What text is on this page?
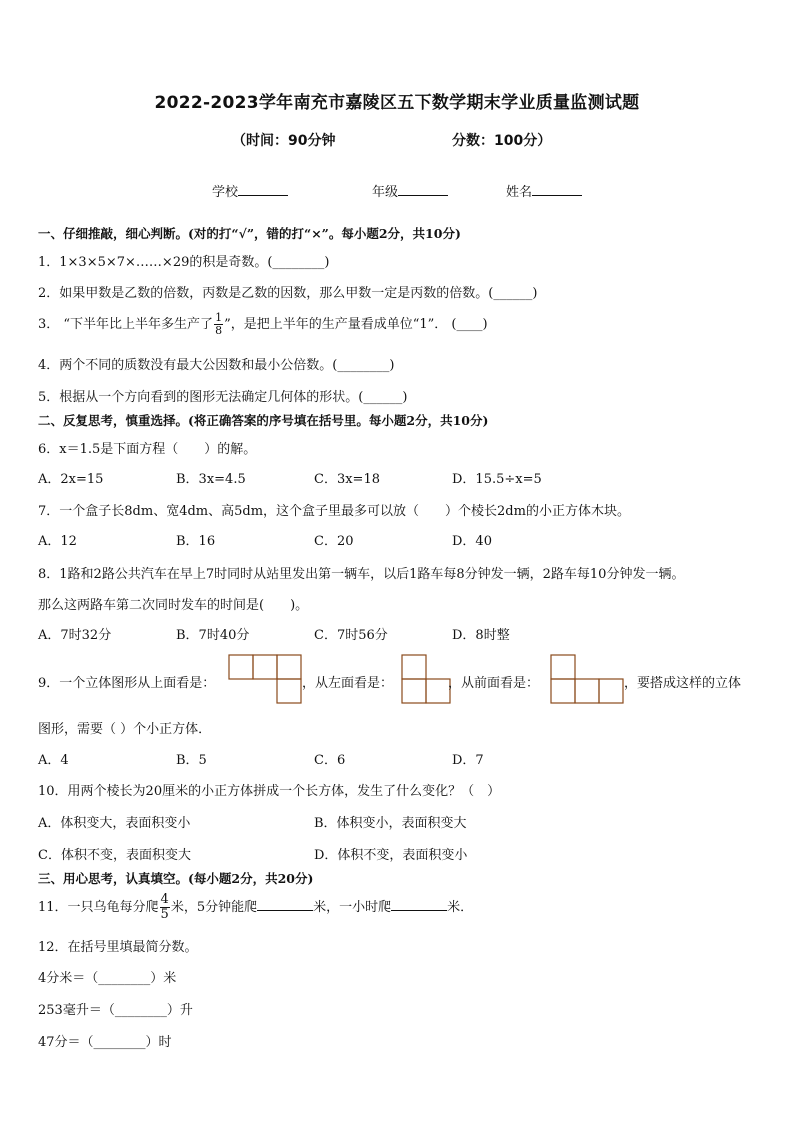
2022-2023学年南充市嘉陵区五下数学期末学业质量监测试题
（时间：90分钟	分数：100分）
学校	年级	姓名
一、仔细推敲，细心判断。(对的打“√”，错的打“×”。每小题2分，共10分)
1．1×3×5×7×……×29的积是奇数。(________)
2．如果甲数是乙数的倍数，丙数是乙数的因数，那么甲数一定是丙数的倍数。(______)
3． “下半年比上半年多生产了 $\frac{1}{8}$ ”，是把上半年的生产量看成单位“1”． (____)
4．两个不同的质数没有最大公因数和最小公倍数。(________)
5．根据从一个方向看到的图形无法确定几何体的形状。(______)
二、反复思考，慎重选择。(将正确答案的序号填在括号里。每小题2分，共10分)
6．x＝1.5是下面方程（　　）的解。
A．2x=15	B．3x=4.5	C．3x=18	D．15.5÷x=5
7．一个盒子长8dm、宽4dm、高5dm，这个盒子里最多可以放（　　）个棱长2dm的小正方体木块。
A．12	B．16	C．20	D．40
8．1路和2路公共汽车在早上7时同时从站里发出第一辆车，以后1路车每8分钟发一辆，2路车每10分钟发一辆。
那么这两路车第二次同时发车的时间是(　　)。
A．7时32分	B．7时40分	C．7时56分	D．8时整
9．一个立体图形从上面看是：	，从左面看是：	，从前面看是：	，要搭成这样的立体
图形，需要（ ）个小正方体．
A．4	B．5	C．6	D．7
10．用两个棱长为20厘米的小正方体拼成一个长方体，发生了什么变化？（　）
A．体积变大，表面积变小	B．体积变小，表面积变大
C．体积不变，表面积变大	D．体积不变，表面积变小
三、用心思考，认真填空。(每小题2分，共20分)
11．一只乌龟每分爬 $\frac{4}{5}$ 米，5分钟能爬	米，一小时爬	米．
12．在括号里填最简分数。
4分米＝（________）米
253毫升＝（________）升
47分＝（________）时
